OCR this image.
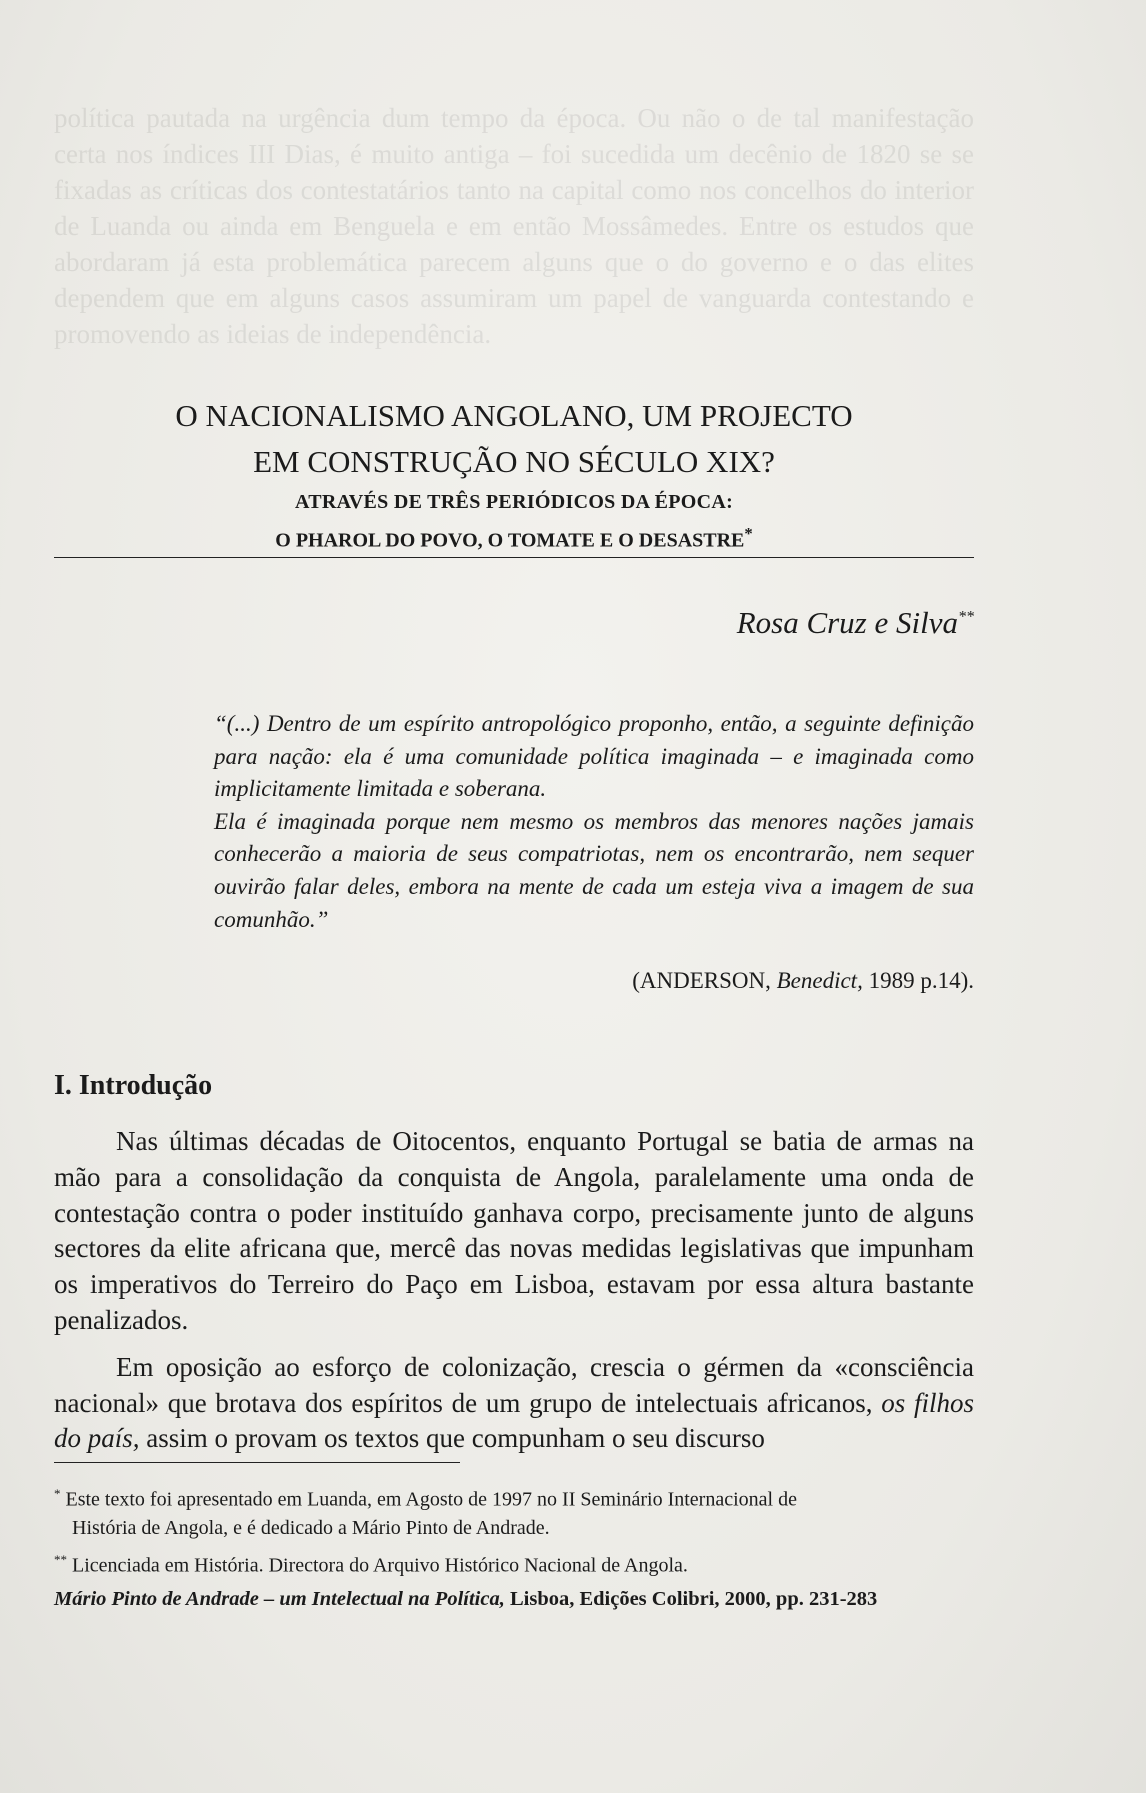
política pautada na urgência dum tempo da época. Ou não o de tal manifestação certa nos índices III Dias, é muito antiga – foi sucedida um decênio de 1820 se se fixadas as críticas dos contestatários tanto na capital como nos concelhos do interior de Luanda ou ainda em Benguela e em então Mossâmedes. Entre os estudos que abordaram já esta problemática parecem alguns que o do governo e o das elites dependem que em alguns casos assumiram um papel de vanguarda contestando e promovendo as ideias de independência.
O NACIONALISMO ANGOLANO, UM PROJECTO
EM CONSTRUÇÃO NO SÉCULO XIX?
ATRAVÉS DE TRÊS PERIÓDICOS DA ÉPOCA:
O PHAROL DO POVO, O TOMATE E O DESASTRE*
Rosa Cruz e Silva**

“(...) Dentro de um espírito antropológico proponho, então, a seguinte definição para nação: ela é uma comunidade política imaginada – e imaginada como implicitamente limitada e soberana.

Ela é imaginada porque nem mesmo os membros das menores nações jamais conhecerão a maioria de seus compatriotas, nem os encontrarão, nem sequer ouvirão falar deles, embora na mente de cada um esteja viva a imagem de sua comunhão.”

(ANDERSON, Benedict, 1989 p.14).
I. Introdução

Nas últimas décadas de Oitocentos, enquanto Portugal se batia de armas na mão para a consolidação da conquista de Angola, paralelamente uma onda de contestação contra o poder instituído ganhava corpo, precisamente junto de alguns sectores da elite africana que, mercê das novas medidas legislativas que impunham os imperativos do Terreiro do Paço em Lisboa, estavam por essa altura bastante penalizados.

Em oposição ao esforço de colonização, crescia o gérmen da «consciência nacional» que brotava dos espíritos de um grupo de intelectuais africanos, os filhos do país, assim o provam os textos que compunham o seu discurso

* Este texto foi apresentado em Luanda, em Agosto de 1997 no II Seminário Internacional de
História de Angola, e é dedicado a Mário Pinto de Andrade.
** Licenciada em História. Directora do Arquivo Histórico Nacional de Angola.
Mário Pinto de Andrade – um Intelectual na Política, Lisboa, Edições Colibri, 2000, pp. 231-283
